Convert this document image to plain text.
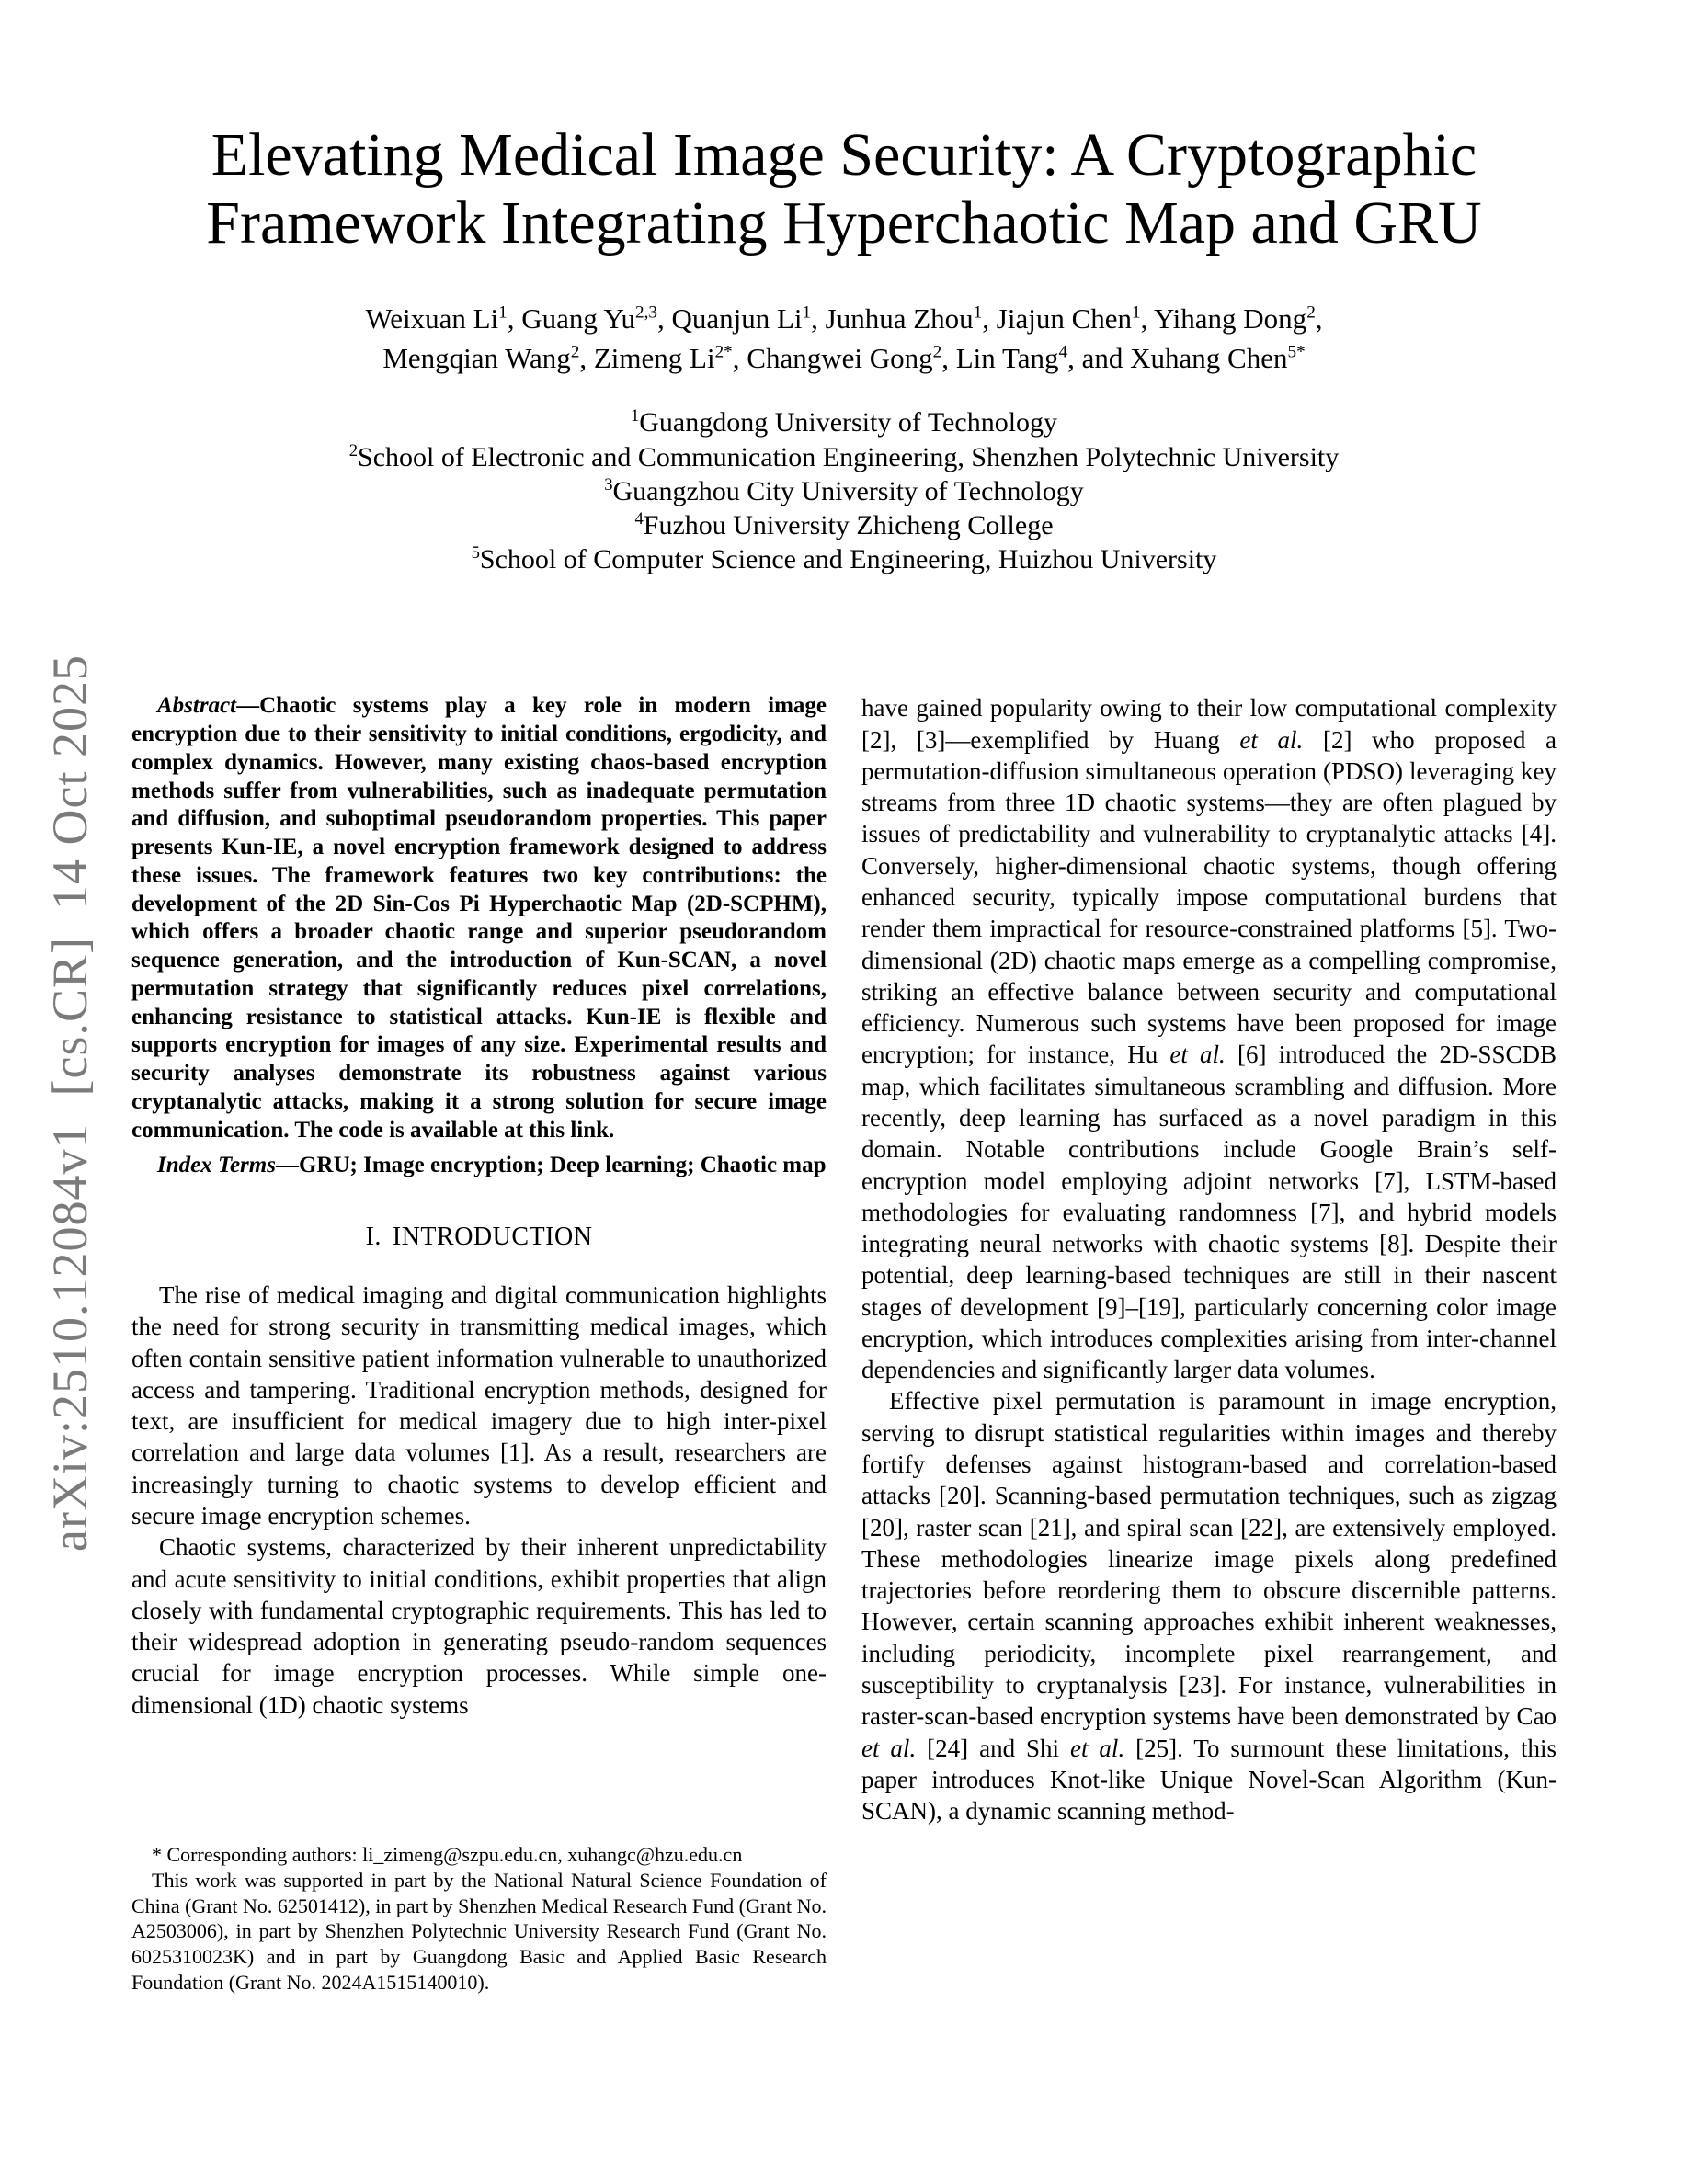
arXiv:2510.12084v1  [cs.CR]  14 Oct 2025
Elevating Medical Image Security: A Cryptographic
Framework Integrating Hyperchaotic Map and GRU
Weixuan Li$^1$, Guang Yu$^{2,3}$, Quanjun Li$^1$, Junhua Zhou$^1$, Jiajun Chen$^1$, Yihang Dong$^2$,
Mengqian Wang$^2$, Zimeng $Li^{2*}$, Changwei Gong$^2$, Lin Tang$^4$, and Xuhang Chen$^{5*}$
$^1$Guangdong University of Technology
$^2$School of Electronic and Communication Engineering, Shenzhen Polytechnic University
$^3$Guangzhou City University of Technology
$^4$Fuzhou University Zhicheng College
$^5$School of Computer Science and Engineering, Huizhou University

Abstract—Chaotic systems play a key role in modern image encryption due to their sensitivity to initial conditions, ergodicity, and complex dynamics. However, many existing chaos-based encryption methods suffer from vulnerabilities, such as inadequate permutation and diffusion, and suboptimal pseudorandom properties. This paper presents Kun-IE, a novel encryption framework designed to address these issues. The framework features two key contributions: the development of the 2D Sin-Cos Pi Hyperchaotic Map (2D-SCPHM), which offers a broader chaotic range and superior pseudorandom sequence generation, and the introduction of Kun-SCAN, a novel permutation strategy that significantly reduces pixel correlations, enhancing resistance to statistical attacks. Kun-IE is flexible and supports encryption for images of any size. Experimental results and security analyses demonstrate its robustness against various cryptanalytic attacks, making it a strong solution for secure image communication. The code is available at this link.

Index Terms—GRU; Image encryption; Deep learning; Chaotic map

I. INTRODUCTION

The rise of medical imaging and digital communication highlights the need for strong security in transmitting medical images, which often contain sensitive patient information vulnerable to unauthorized access and tampering. Traditional encryption methods, designed for text, are insufficient for medical imagery due to high inter-pixel correlation and large data volumes [1]. As a result, researchers are increasingly turning to chaotic systems to develop efficient and secure image encryption schemes.

Chaotic systems, characterized by their inherent unpredictability and acute sensitivity to initial conditions, exhibit properties that align closely with fundamental cryptographic requirements. This has led to their widespread adoption in generating pseudo-random sequences crucial for image encryption processes. While simple one-dimensional (1D) chaotic systems

* Corresponding authors: li_zimeng@szpu.edu.cn, xuhangc@hzu.edu.cn

This work was supported in part by the National Natural Science Foundation of China (Grant No. 62501412), in part by Shenzhen Medical Research Fund (Grant No. A2503006), in part by Shenzhen Polytechnic University Research Fund (Grant No. 6025310023K) and in part by Guangdong Basic and Applied Basic Research Foundation (Grant No. 2024A1515140010).

have gained popularity owing to their low computational complexity [2], [3]—exemplified by Huang et al. [2] who proposed a permutation-diffusion simultaneous operation (PDSO) leveraging key streams from three 1D chaotic systems—they are often plagued by issues of predictability and vulnerability to cryptanalytic attacks [4]. Conversely, higher-dimensional chaotic systems, though offering enhanced security, typically impose computational burdens that render them impractical for resource-constrained platforms [5]. Two-dimensional (2D) chaotic maps emerge as a compelling compromise, striking an effective balance between security and computational efficiency. Numerous such systems have been proposed for image encryption; for instance, Hu et al. [6] introduced the 2D-SSCDB map, which facilitates simultaneous scrambling and diffusion. More recently, deep learning has surfaced as a novel paradigm in this domain. Notable contributions include Google Brain’s self-encryption model employing adjoint networks [7], LSTM-based methodologies for evaluating randomness [7], and hybrid models integrating neural networks with chaotic systems [8]. Despite their potential, deep learning-based techniques are still in their nascent stages of development [9]–[19], particularly concerning color image encryption, which introduces complexities arising from inter-channel dependencies and significantly larger data volumes.

Effective pixel permutation is paramount in image encryption, serving to disrupt statistical regularities within images and thereby fortify defenses against histogram-based and correlation-based attacks [20]. Scanning-based permutation techniques, such as zigzag [20], raster scan [21], and spiral scan [22], are extensively employed. These methodologies linearize image pixels along predefined trajectories before reordering them to obscure discernible patterns. However, certain scanning approaches exhibit inherent weaknesses, including periodicity, incomplete pixel rearrangement, and susceptibility to cryptanalysis [23]. For instance, vulnerabilities in raster-scan-based encryption systems have been demonstrated by Cao et al. [24] and Shi et al. [25]. To surmount these limitations, this paper introduces Knot-like Unique Novel-Scan Algorithm (Kun-SCAN), a dynamic scanning method-
